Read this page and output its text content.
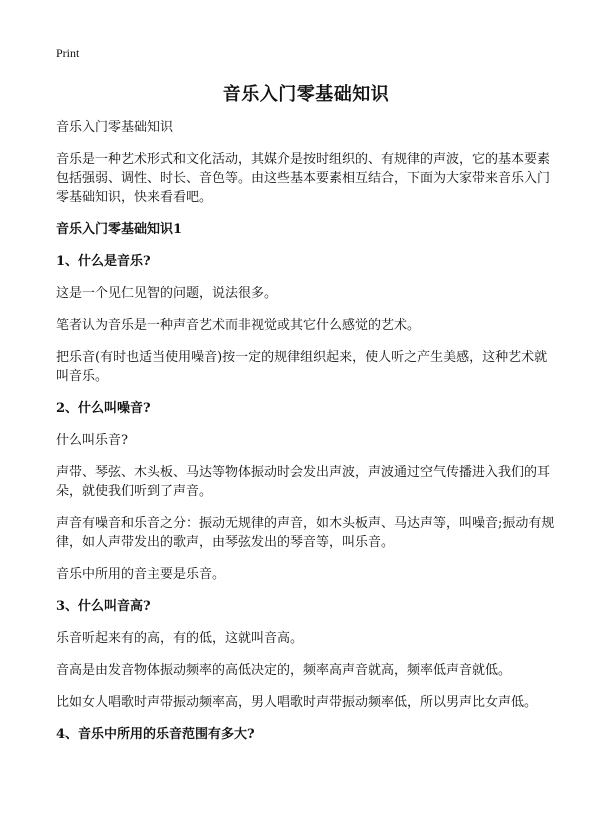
Print
音乐入门零基础知识

音乐入门零基础知识

音乐是一种艺术形式和文化活动，其媒介是按时组织的、有规律的声波，它的基本要素包括强弱、调性、时长、音色等。由这些基本要素相互结合，下面为大家带来音乐入门零基础知识，快来看看吧。

音乐入门零基础知识1
1、什么是音乐?

这是一个见仁见智的问题，说法很多。

笔者认为音乐是一种声音艺术而非视觉或其它什么感觉的艺术。

把乐音(有时也适当使用噪音)按一定的规律组织起来，使人听之产生美感，这种艺术就叫音乐。

2、什么叫噪音?

什么叫乐音?

声带、琴弦、木头板、马达等物体振动时会发出声波，声波通过空气传播进入我们的耳朵，就使我们听到了声音。

声音有噪音和乐音之分：振动无规律的声音，如木头板声、马达声等，叫噪音;振动有规律，如人声带发出的歌声，由琴弦发出的琴音等，叫乐音。

音乐中所用的音主要是乐音。

3、什么叫音高?

乐音听起来有的高，有的低，这就叫音高。

音高是由发音物体振动频率的高低决定的，频率高声音就高，频率低声音就低。

比如女人唱歌时声带振动频率高，男人唱歌时声带振动频率低，所以男声比女声低。

4、音乐中所用的乐音范围有多大?
